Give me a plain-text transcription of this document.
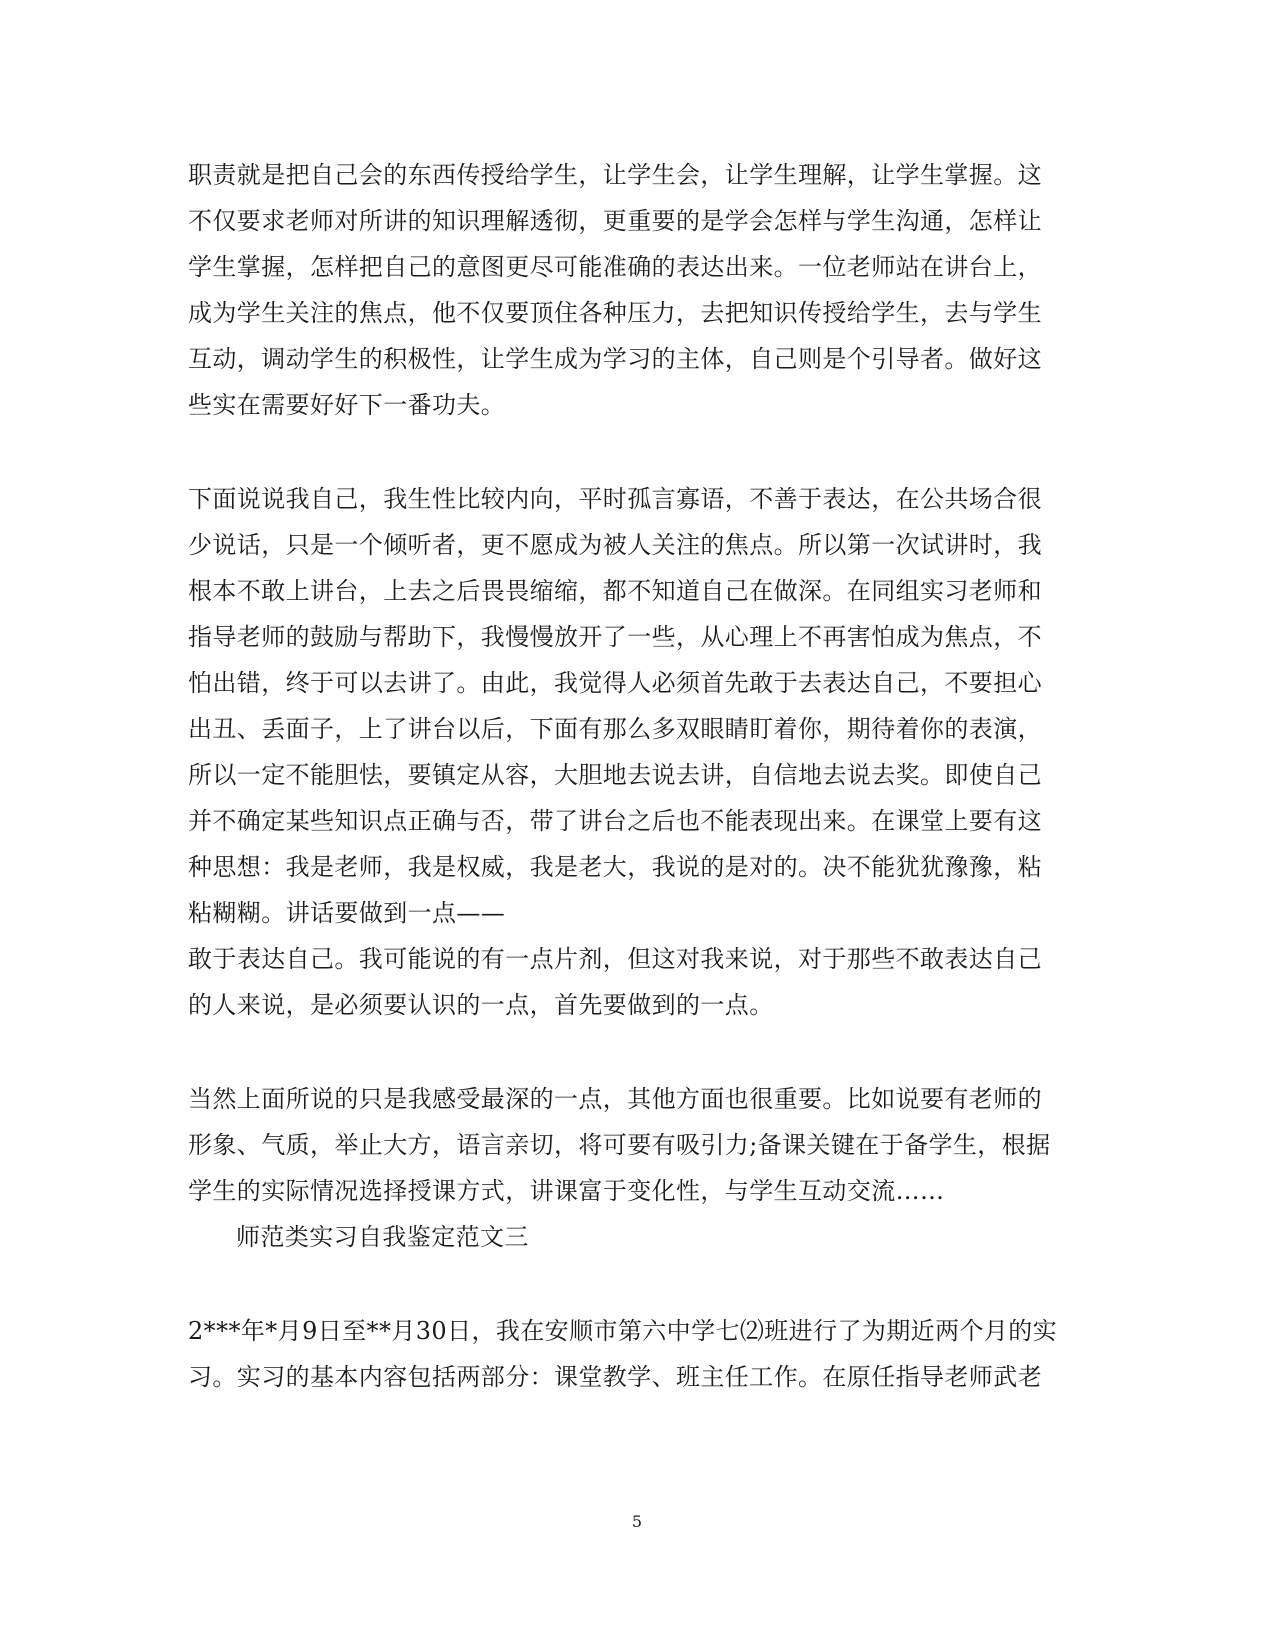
职责就是把自己会的东西传授给学生，让学生会，让学生理解，让学生掌握。这
不仅要求老师对所讲的知识理解透彻，更重要的是学会怎样与学生沟通，怎样让
学生掌握，怎样把自己的意图更尽可能准确的表达出来。一位老师站在讲台上，
成为学生关注的焦点，他不仅要顶住各种压力，去把知识传授给学生，去与学生
互动，调动学生的积极性，让学生成为学习的主体，自己则是个引导者。做好这
些实在需要好好下一番功夫。
下面说说我自己，我生性比较内向，平时孤言寡语，不善于表达，在公共场合很
少说话，只是一个倾听者，更不愿成为被人关注的焦点。所以第一次试讲时，我
根本不敢上讲台，上去之后畏畏缩缩，都不知道自己在做深。在同组实习老师和
指导老师的鼓励与帮助下，我慢慢放开了一些，从心理上不再害怕成为焦点，不
怕出错，终于可以去讲了。由此，我觉得人必须首先敢于去表达自己，不要担心
出丑、丢面子，上了讲台以后，下面有那么多双眼睛盯着你，期待着你的表演，
所以一定不能胆怯，要镇定从容，大胆地去说去讲，自信地去说去奖。即使自己
并不确定某些知识点正确与否，带了讲台之后也不能表现出来。在课堂上要有这
种思想：我是老师，我是权威，我是老大，我说的是对的。决不能犹犹豫豫，粘
粘糊糊。讲话要做到一点——
敢于表达自己。我可能说的有一点片剂，但这对我来说，对于那些不敢表达自己
的人来说，是必须要认识的一点，首先要做到的一点。
当然上面所说的只是我感受最深的一点，其他方面也很重要。比如说要有老师的
形象、气质，举止大方，语言亲切，将可要有吸引力;备课关键在于备学生，根据
学生的实际情况选择授课方式，讲课富于变化性，与学生互动交流……
师范类实习自我鉴定范文三
2***年*月9日至**月30日，我在安顺市第六中学七⑵班进行了为期近两个月的实
习。实习的基本内容包括两部分：课堂教学、班主任工作。在原任指导老师武老
5
